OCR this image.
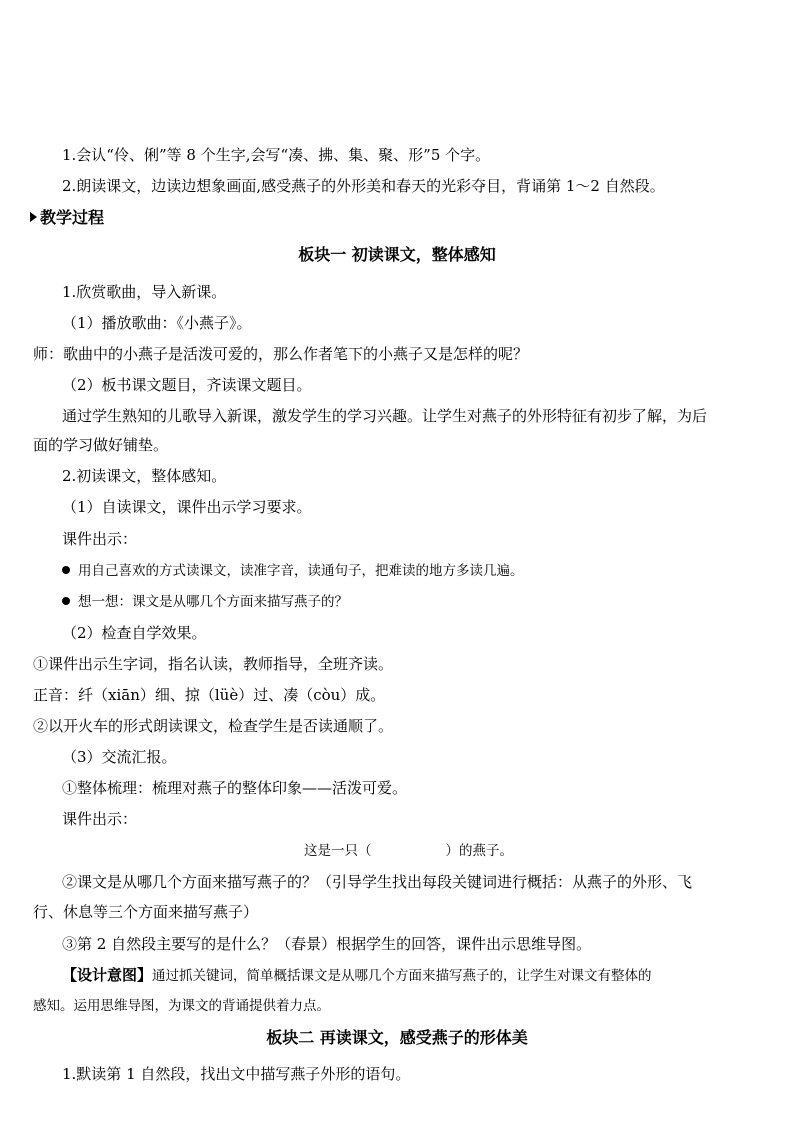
1.会认“伶、俐”等 8 个生字,会写“凑、拂、集、聚、形”5 个字。
2.朗读课文，边读边想象画面,感受燕子的外形美和春天的光彩夺目，背诵第 1～2 自然段。
教学过程
板块一 初读课文，整体感知
1.欣赏歌曲，导入新课。
（1）播放歌曲：《小燕子》。
师：歌曲中的小燕子是活泼可爱的，那么作者笔下的小燕子又是怎样的呢？
（2）板书课文题目，齐读课文题目。
通过学生熟知的儿歌导入新课，激发学生的学习兴趣。让学生对燕子的外形特征有初步了解，为后
面的学习做好铺垫。
2.初读课文，整体感知。
（1）自读课文，课件出示学习要求。
课件出示：
用自己喜欢的方式读课文，读准字音，读通句子，把难读的地方多读几遍。
想一想：课文是从哪几个方面来描写燕子的？
（2）检查自学效果。
①课件出示生字词，指名认读，教师指导，全班齐读。
正音：纤（xiān）细、掠（lüè）过、凑（còu）成。
②以开火车的形式朗读课文，检查学生是否读通顺了。
（3）交流汇报。
①整体梳理：梳理对燕子的整体印象——活泼可爱。
课件出示：
这是一只（	）的燕子。
②课文是从哪几个方面来描写燕子的？（引导学生找出每段关键词进行概括：从燕子的外形、飞
行、休息等三个方面来描写燕子）
③第 2 自然段主要写的是什么？（春景）根据学生的回答，课件出示思维导图。
【设计意图】通过抓关键词，简单概括课文是从哪几个方面来描写燕子的，让学生对课文有整体的
感知。运用思维导图，为课文的背诵提供着力点。
板块二 再读课文，感受燕子的形体美
1.默读第 1 自然段，找出文中描写燕子外形的语句。
